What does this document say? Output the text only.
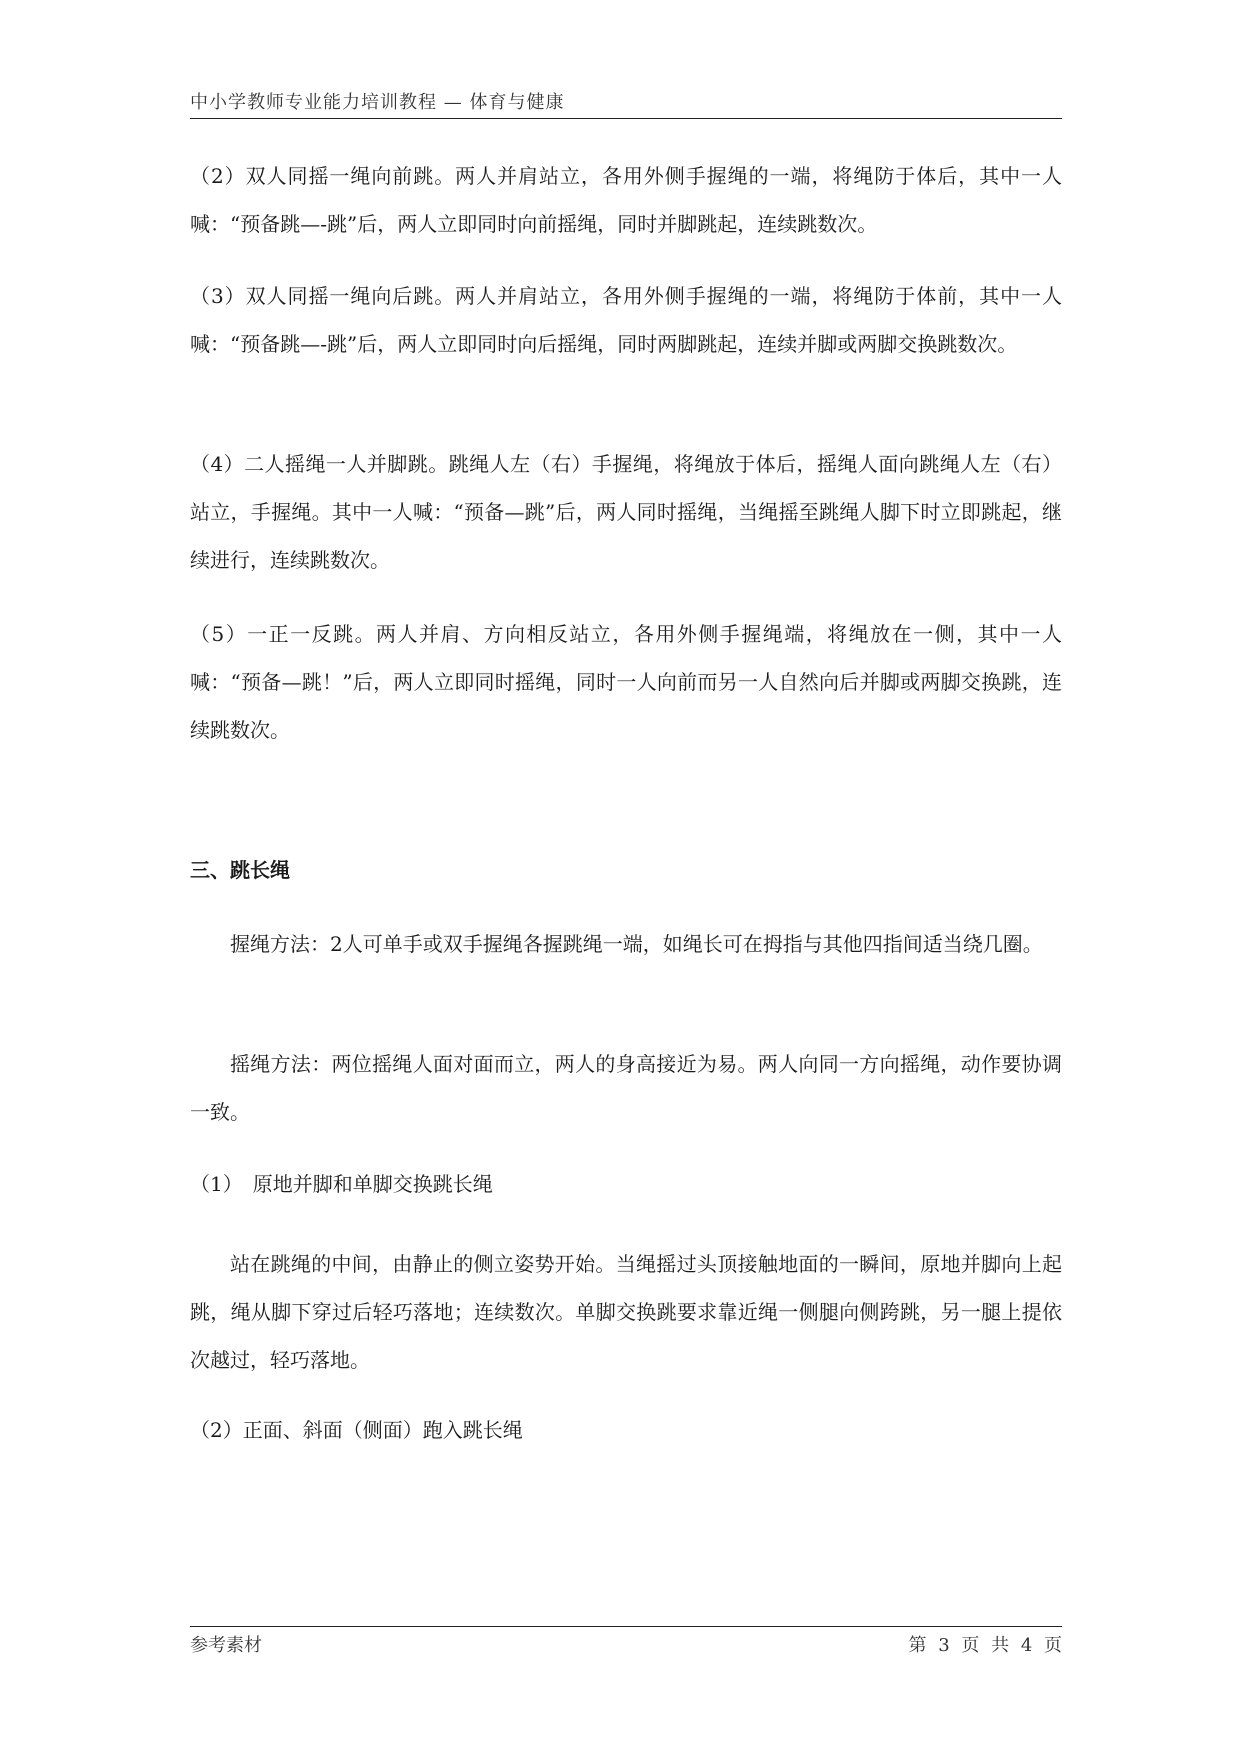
中小学教师专业能力培训教程 — 体育与健康

（2）双人同摇一绳向前跳。两人并肩站立，各用外侧手握绳的一端，将绳防于体后，其中一人喊：“预备跳—-跳”后，两人立即同时向前摇绳，同时并脚跳起，连续跳数次。

（3）双人同摇一绳向后跳。两人并肩站立，各用外侧手握绳的一端，将绳防于体前，其中一人喊：“预备跳—-跳”后，两人立即同时向后摇绳，同时两脚跳起，连续并脚或两脚交换跳数次。

（4）二人摇绳一人并脚跳。跳绳人左（右）手握绳，将绳放于体后，摇绳人面向跳绳人左（右）站立，手握绳。其中一人喊：“预备—跳”后，两人同时摇绳，当绳摇至跳绳人脚下时立即跳起，继续进行，连续跳数次。

（5）一正一反跳。两人并肩、方向相反站立，各用外侧手握绳端，将绳放在一侧，其中一人喊：“预备—跳！”后，两人立即同时摇绳，同时一人向前而另一人自然向后并脚或两脚交换跳，连续跳数次。

三、跳长绳

握绳方法：2人可单手或双手握绳各握跳绳一端，如绳长可在拇指与其他四指间适当绕几圈。

摇绳方法：两位摇绳人面对面而立，两人的身高接近为易。两人向同一方向摇绳，动作要协调一致。

（1）　原地并脚和单脚交换跳长绳

站在跳绳的中间，由静止的侧立姿势开始。当绳摇过头顶接触地面的一瞬间，原地并脚向上起跳，绳从脚下穿过后轻巧落地；连续数次。单脚交换跳要求靠近绳一侧腿向侧跨跳，另一腿上提依次越过，轻巧落地。

（2）正面、斜面（侧面）跑入跳长绳

参考素材	第 3 页 共 4 页
